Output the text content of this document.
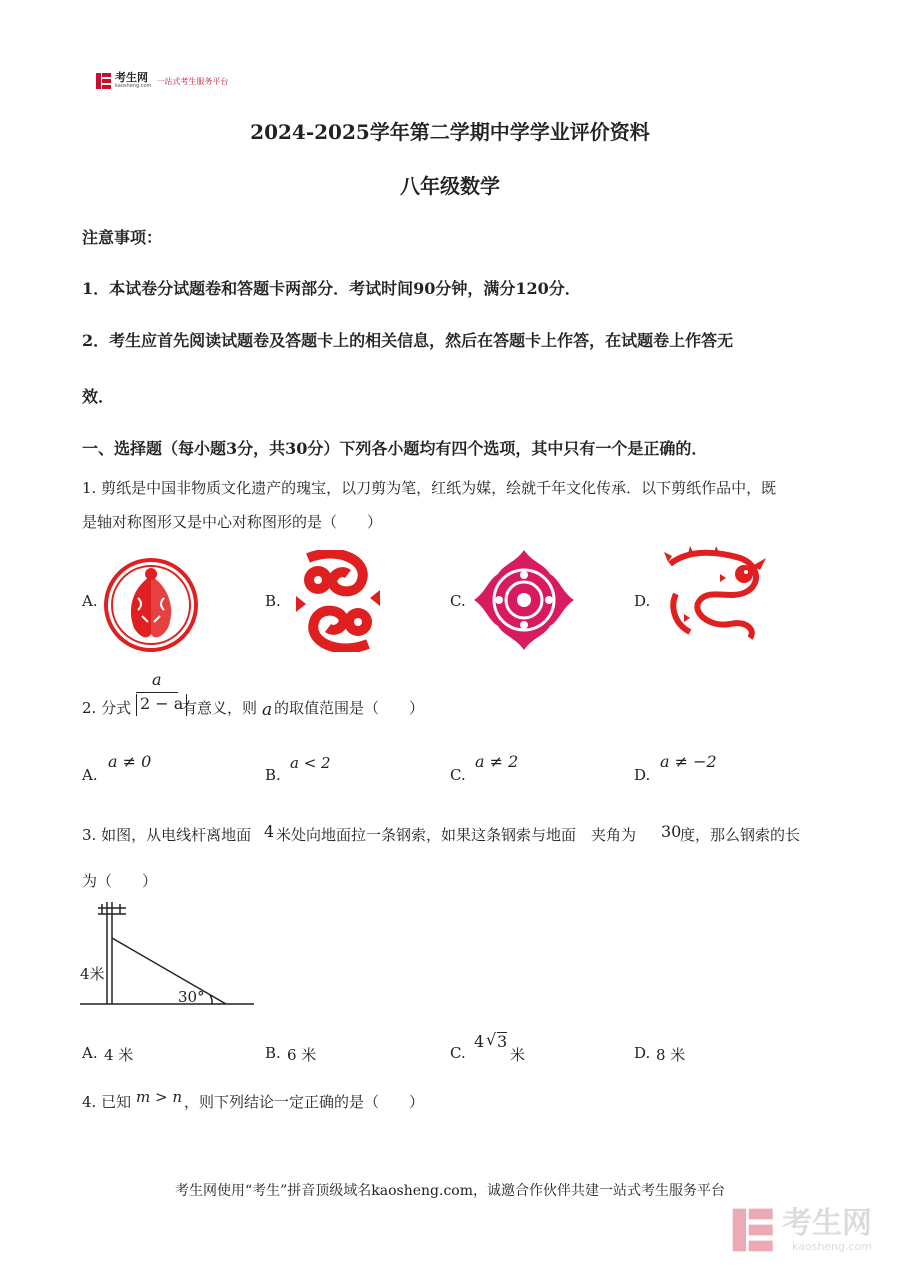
考生网
kaosheng.com
一站式考生服务平台
2024-2025学年第二学期中学学业评价资料
八年级数学
注意事项：
1．本试卷分试题卷和答题卡两部分．考试时间90分钟，满分120分．
2．考生应首先阅读试题卷及答题卡上的相关信息，然后在答题卡上作答，在试题卷上作答无
效．
一、选择题（每小题3分，共30分）下列各小题均有四个选项，其中只有一个是正确的．
1. 剪纸是中国非物质文化遗产的瑰宝，以刀剪为笔，红纸为媒，绘就千年文化传承．以下剪纸作品中，既
是轴对称图形又是中心对称图形的是（　　）
A.	B.	C.	D.
2. 分式
a
2 − a
有意义，则 a 的取值范围是（　　）
A.
a ≠ 0
B.
a < 2
C.
a ≠ 2
D.
a ≠ −2
3. 如图，从电线杆离地面 4 米处向地面拉一条钢索，如果这条钢索与地面　夹角为 30
度，那么钢索的长
为（　　）
4米
30°
A. 4 米	B. 6 米	C.
4 √ 3
米	D. 8 米
4. 已知 m > n ，则下列结论一定正确的是（　　）
考生网使用“考生”拼音顶级域名kaosheng.com，诚邀合作伙伴共建一站式考生服务平台
考生网
kaosheng.com
